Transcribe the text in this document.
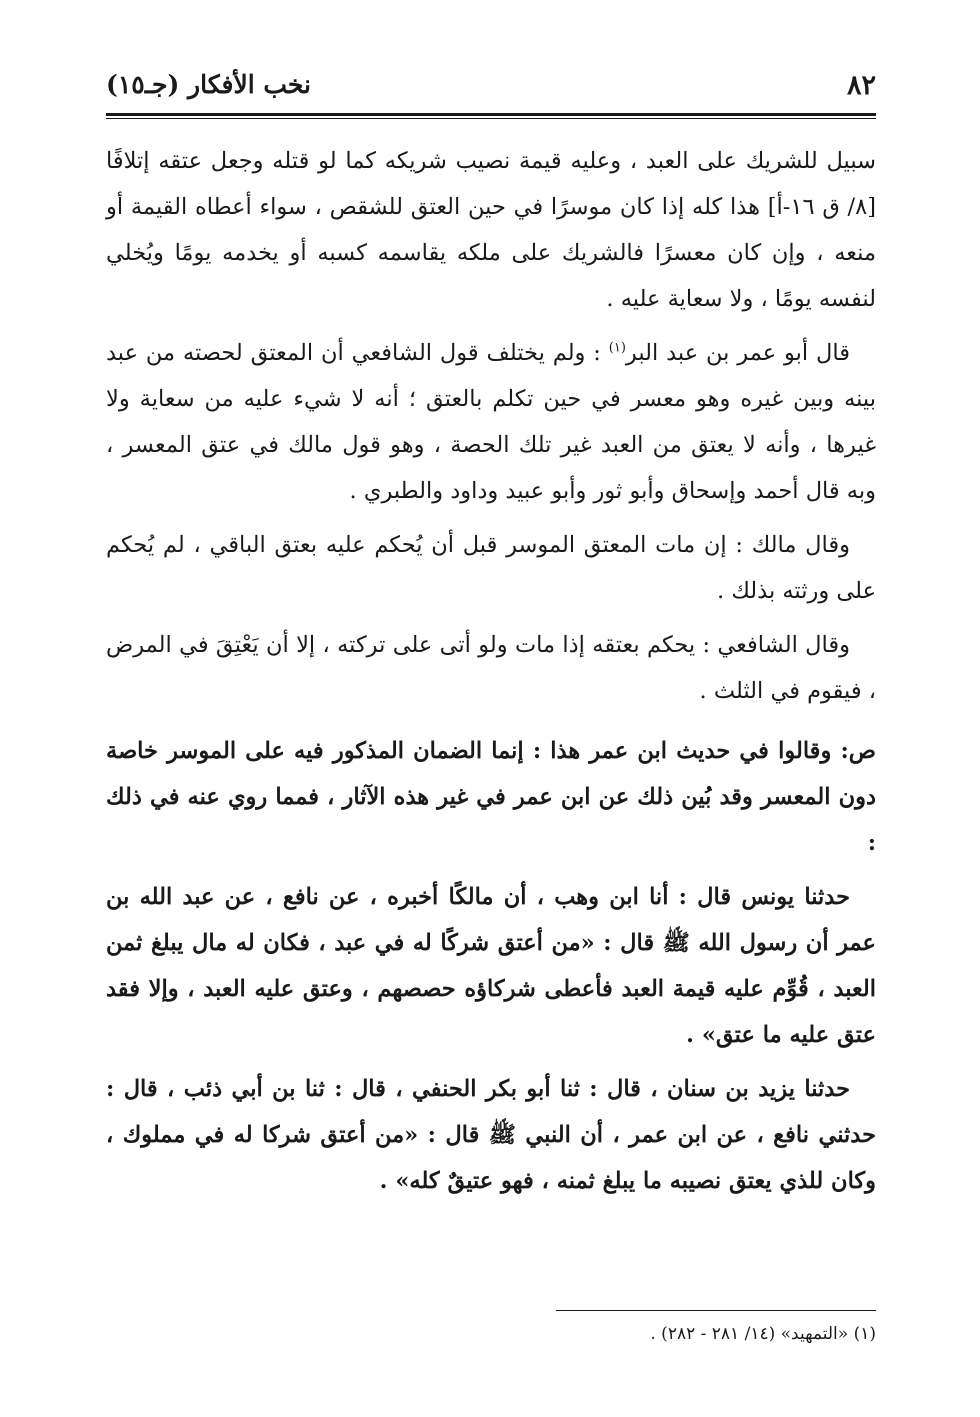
٨٢
نخب الأفكار (جـ١٥)

سبيل للشريك على العبد ، وعليه قيمة نصيب شريكه كما لو قتله وجعل عتقه إتلافًا [٨/ ق ١٦-أ] هذا كله إذا كان موسرًا في حين العتق للشقص ، سواء أعطاه القيمة أو منعه ، وإن كان معسرًا فالشريك على ملكه يقاسمه كسبه أو يخدمه يومًا ويُخلي لنفسه يومًا ، ولا سعاية عليه .

قال أبو عمر بن عبد البر$^{(١)}$ : ولم يختلف قول الشافعي أن المعتق لحصته من عبد بينه وبين غيره وهو معسر في حين تكلم بالعتق ؛ أنه لا شيء عليه من سعاية ولا غيرها ، وأنه لا يعتق من العبد غير تلك الحصة ، وهو قول مالك في عتق المعسر ، وبه قال أحمد وإسحاق وأبو ثور وأبو عبيد وداود والطبري .

وقال مالك : إن مات المعتق الموسر قبل أن يُحكم عليه بعتق الباقي ، لم يُحكم على ورثته بذلك .

وقال الشافعي : يحكم بعتقه إذا مات ولو أتى على تركته ، إلا أن يَعْتِقَ في المرض ، فيقوم في الثلث .

ص: وقالوا في حديث ابن عمر هذا : إنما الضمان المذكور فيه على الموسر خاصة دون المعسر وقد بُين ذلك عن ابن عمر في غير هذه الآثار ، فمما روي عنه في ذلك :

حدثنا يونس قال : أنا ابن وهب ، أن مالكًا أخبره ، عن نافع ، عن عبد الله بن عمر أن رسول الله ﷺ قال : «من أعتق شركًا له في عبد ، فكان له مال يبلغ ثمن العبد ، قُوِّم عليه قيمة العبد فأعطى شركاؤه حصصهم ، وعتق عليه العبد ، وإلا فقد عتق عليه ما عتق» .

حدثنا يزيد بن سنان ، قال : ثنا أبو بكر الحنفي ، قال : ثنا بن أبي ذئب ، قال : حدثني نافع ، عن ابن عمر ، أن النبي ﷺ قال : «من أعتق شركا له في مملوك ، وكان للذي يعتق نصيبه ما يبلغ ثمنه ، فهو عتيقٌ كله» .

(١) «التمهيد» (١٤/ ٢٨١ - ٢٨٢) .
